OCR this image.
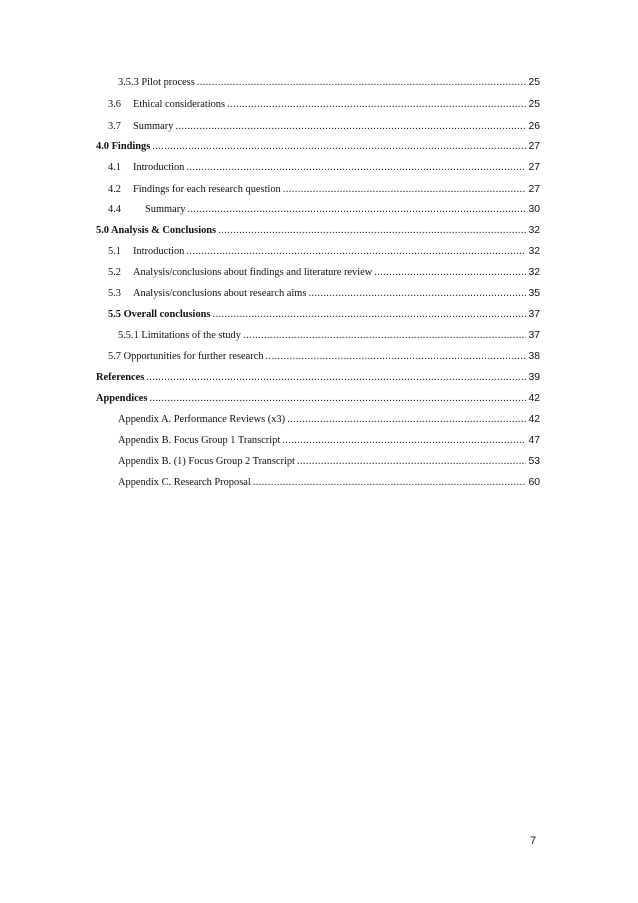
3.5.3 Pilot process .....	25
3.6 Ethical considerations .....	25
3.7 Summary .....	26
4.0 Findings .....	27
4.1 Introduction .....	27
4.2 Findings for each research question .....	27
4.4 Summary .....	30
5.0 Analysis & Conclusions .....	32
5.1 Introduction .....	32
5.2 Analysis/conclusions about findings and literature review .....	32
5.3 Analysis/conclusions about research aims .....	35
5.5 Overall conclusions .....	37
5.5.1 Limitations of the study .....	37
5.7 Opportunities for further research .....	38
References .....	39
Appendices .....	42
Appendix A. Performance Reviews (x3) .....	42
Appendix B. Focus Group 1 Transcript .....	47
Appendix B. (1) Focus Group 2 Transcript .....	53
Appendix C. Research Proposal .....	60
7
